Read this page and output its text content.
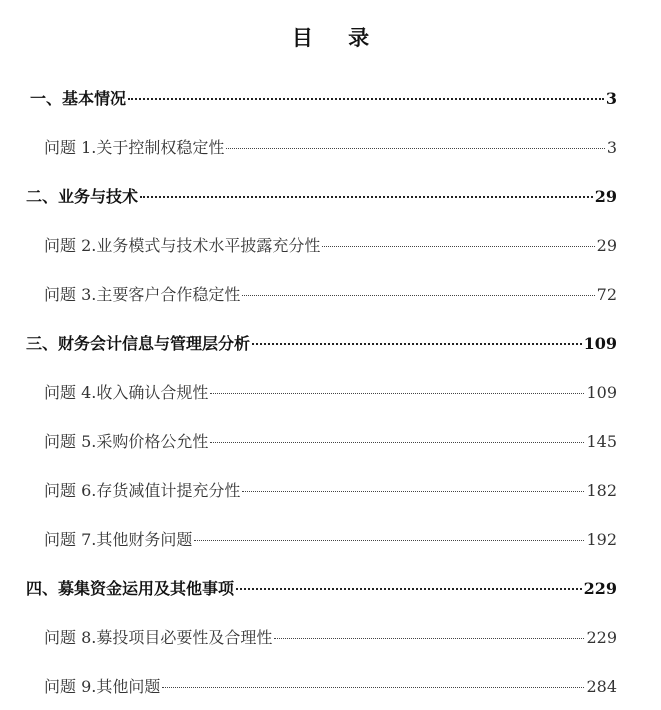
目 录
一、基本情况	3
问题 1.关于控制权稳定性	3
二、业务与技术	29
问题 2.业务模式与技术水平披露充分性	29
问题 3.主要客户合作稳定性	72
三、财务会计信息与管理层分析	109
问题 4.收入确认合规性	109
问题 5.采购价格公允性	145
问题 6.存货减值计提充分性	182
问题 7.其他财务问题	192
四、募集资金运用及其他事项	229
问题 8.募投项目必要性及合理性	229
问题 9.其他问题	284
